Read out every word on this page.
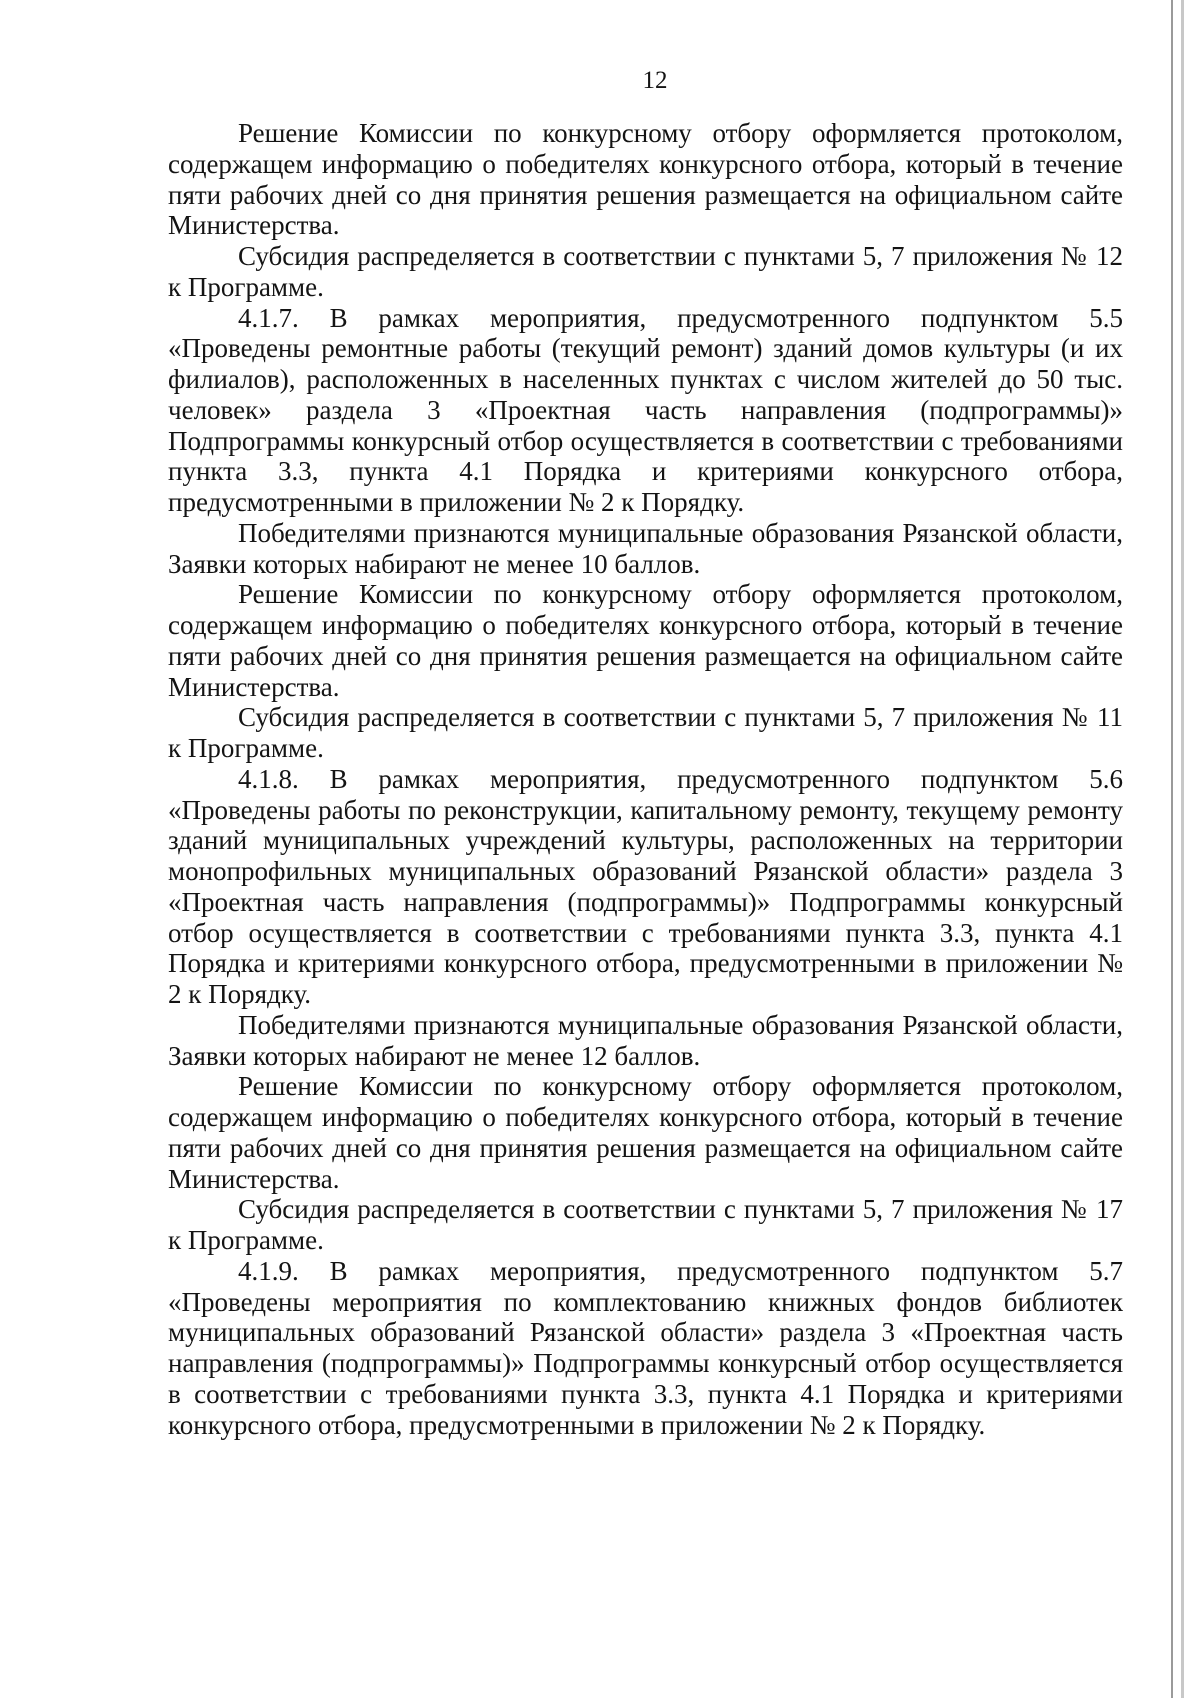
12

Решение Комиссии по конкурсному отбору оформляется протоколом, содержащем информацию о победителях конкурсного отбора, который в течение пяти рабочих дней со дня принятия решения размещается на официальном сайте Министерства.

Субсидия распределяется в соответствии с пунктами 5, 7 приложения № 12 к Программе.

4.1.7. В рамках мероприятия, предусмотренного подпунктом 5.5 «Проведены ремонтные работы (текущий ремонт) зданий домов культуры (и их филиалов), расположенных в населенных пунктах с числом жителей до 50 тыс. человек» раздела 3 «Проектная часть направления (подпрограммы)» Подпрограммы конкурсный отбор осуществляется в соответствии с требованиями пункта 3.3, пункта 4.1 Порядка и критериями конкурсного отбора, предусмотренными в приложении № 2 к Порядку.

Победителями признаются муниципальные образования Рязанской области, Заявки которых набирают не менее 10 баллов.

Решение Комиссии по конкурсному отбору оформляется протоколом, содержащем информацию о победителях конкурсного отбора, который в течение пяти рабочих дней со дня принятия решения размещается на официальном сайте Министерства.

Субсидия распределяется в соответствии с пунктами 5, 7 приложения № 11 к Программе.

4.1.8. В рамках мероприятия, предусмотренного подпунктом 5.6 «Проведены работы по реконструкции, капитальному ремонту, текущему ремонту зданий муниципальных учреждений культуры, расположенных на территории монопрофильных муниципальных образований Рязанской области» раздела 3 «Проектная часть направления (подпрограммы)» Подпрограммы конкурсный отбор осуществляется в соответствии с требованиями пункта 3.3, пункта 4.1 Порядка и критериями конкурсного отбора, предусмотренными в приложении № 2 к Порядку.

Победителями признаются муниципальные образования Рязанской области, Заявки которых набирают не менее 12 баллов.

Решение Комиссии по конкурсному отбору оформляется протоколом, содержащем информацию о победителях конкурсного отбора, который в течение пяти рабочих дней со дня принятия решения размещается на официальном сайте Министерства.

Субсидия распределяется в соответствии с пунктами 5, 7 приложения № 17 к Программе.

4.1.9. В рамках мероприятия, предусмотренного подпунктом 5.7 «Проведены мероприятия по комплектованию книжных фондов библиотек муниципальных образований Рязанской области» раздела 3 «Проектная часть направления (подпрограммы)» Подпрограммы конкурсный отбор осуществляется в соответствии с требованиями пункта 3.3, пункта 4.1 Порядка и критериями конкурсного отбора, предусмотренными в приложении № 2 к Порядку.
